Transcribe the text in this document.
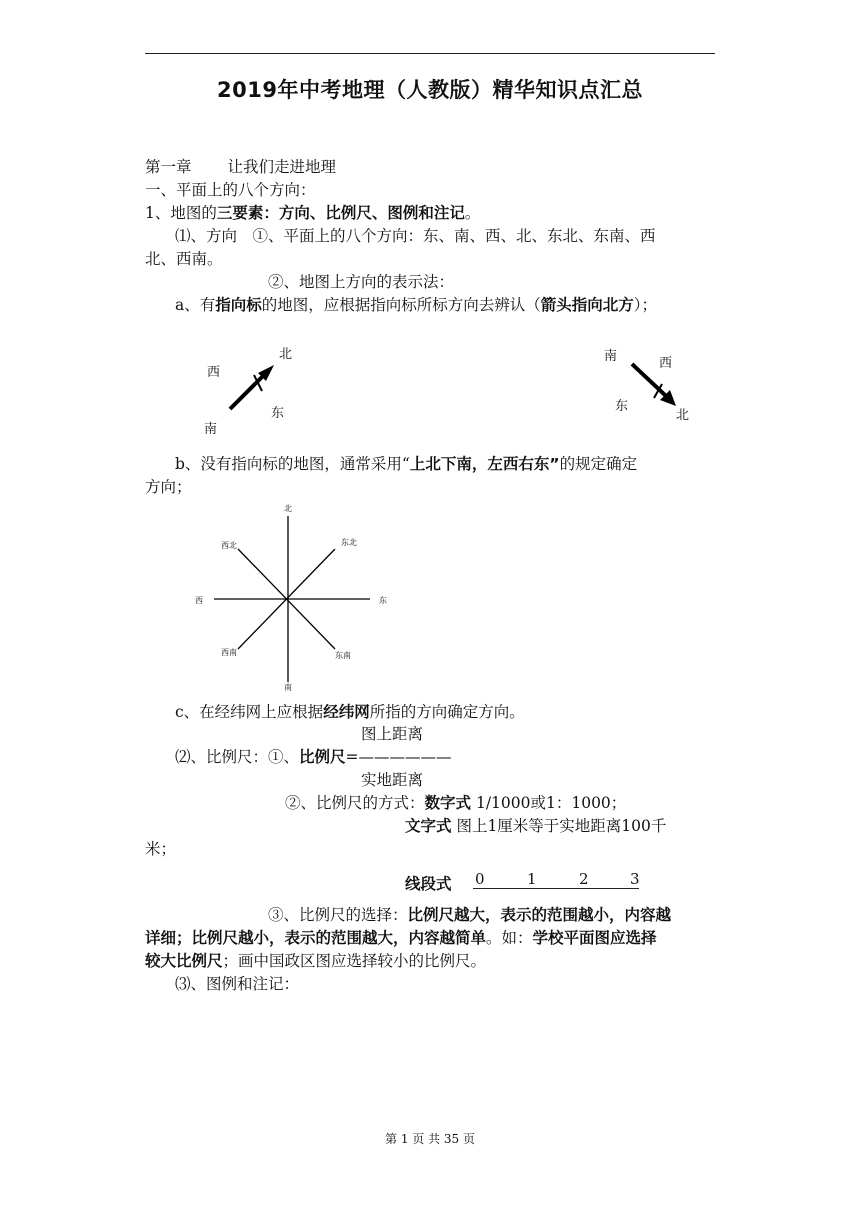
2019年中考地理（人教版）精华知识点汇总
第一章 让我们走进地理
一、平面上的八个方向：
1、地图的三要素：方向、比例尺、图例和注记。
⑴、方向　①、平面上的八个方向：东、南、西、北、东北、东南、西
北、西南。
②、地图上方向的表示法：
a、有指向标的地图，应根据指向标所标方向去辨认（箭头指向北方）；
北
西
东
南
南	西
东
北
b、没有指向标的地图，通常采用“上北下南，左西右东”的规定确定
方向；
北
东北
东
东南
南
西南
西
西北
c、在经纬网上应根据经纬网所指的方向确定方向。
图上距离
⑵、比例尺：①、比例尺=——————
实地距离
②、比例尺的方式：数字式 1/1000或1：1000；
文字式 图上1厘米等于实地距离100千
米；
线段式 0	1	2	3
③、比例尺的选择：比例尺越大，表示的范围越小，内容越
详细；比例尺越小，表示的范围越大，内容越简单。如：学校平面图应选择
较大比例尺；画中国政区图应选择较小的比例尺。
⑶、图例和注记：
第 1 页 共 35 页
